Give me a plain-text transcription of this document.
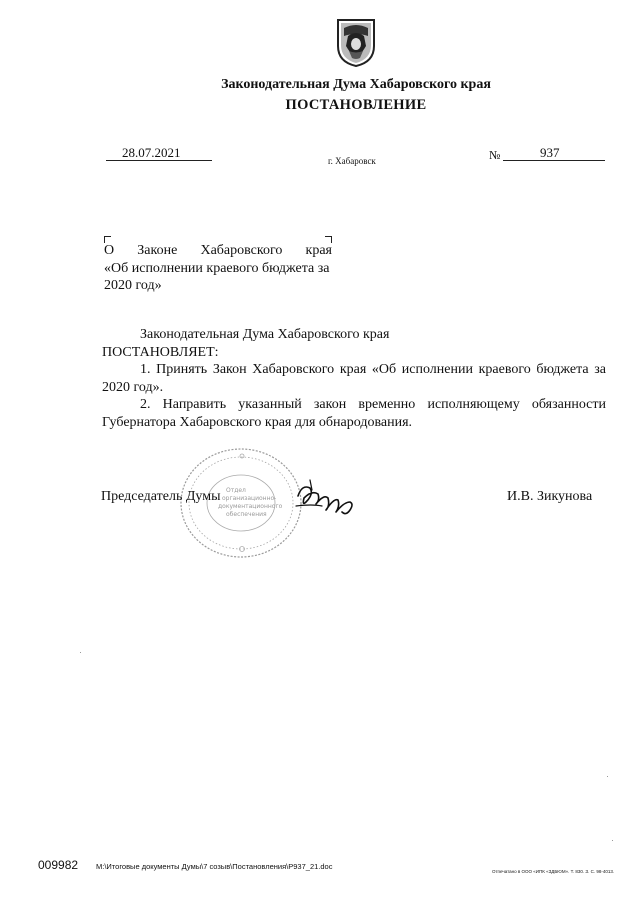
Законодательная Дума Хабаровского края
ПОСТАНОВЛЕНИЕ
28.07.2021
г. Хабаровск	№	937
О Законе Хабаровского края
«Об исполнении краевого бюджета за
2020 год»

Законодательная Дума Хабаровского края

ПОСТАНОВЛЯЕТ:

1. Принять Закон Хабаровского края «Об исполнении краевого бюджета за

2020 год».

2. Направить указанный закон временно исполняющему обязанности

Губернатора Хабаровского края для обнародования.

Отдел
организационно-
документационного
обеспечения
Председатель Думы	И.В. Зикунова
009982 M:\Итоговые документы Думы\7 созыв\Постановления\P937_21.doc
Отпечатано в ООО «ИПК «ЗДБЮМ». Т. 830. З. С. 98-4013.
